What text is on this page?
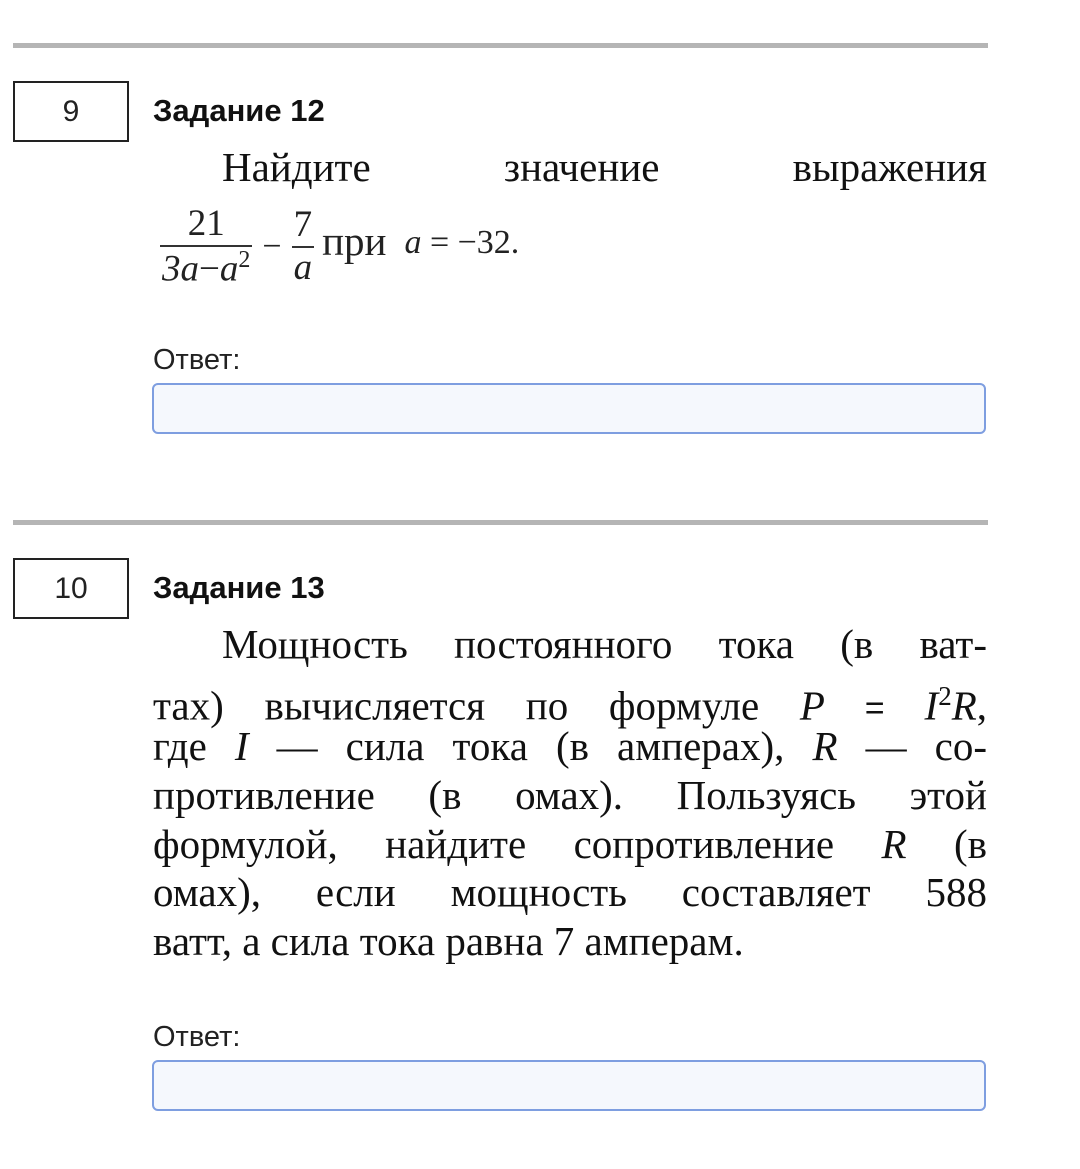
9 Задание 12
Найдите значение выражения
$\frac{21}{3a-a^2} - \frac{7}{a}$ при a = −32.
Ответ:
10 Задание 13
Мощность постоянного тока (в ват-
тах) вычисляется по формуле $P = I^2R$,
где I — сила тока (в амперах), R — со-
противление (в омах). Пользуясь этой
формулой, найдите сопротивление R (в
омах), если мощность составляет 588
ватт, а сила тока равна 7 амперам.
Ответ:
